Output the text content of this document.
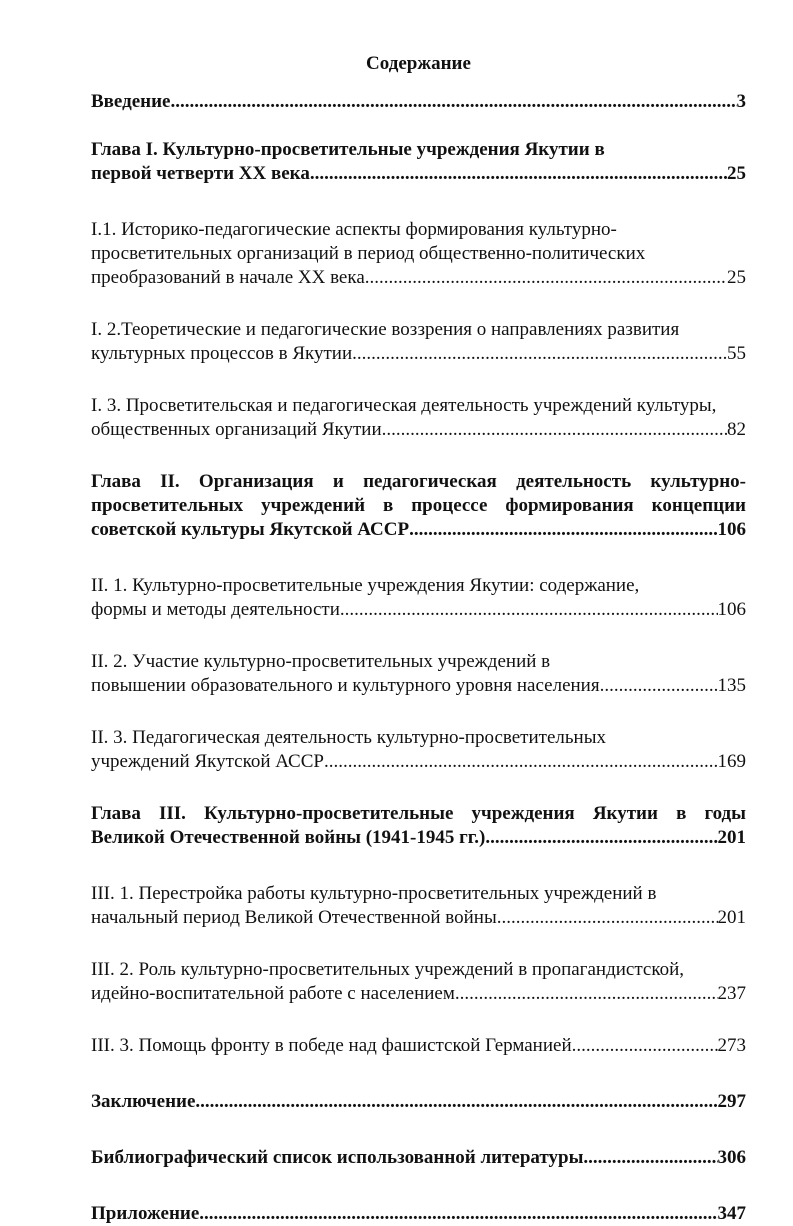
Содержание
Введение .....	3
Глава I. Культурно-просветительные учреждения Якутии в
первой четверти XX века .....	25
I.1. Историко-педагогические аспекты формирования культурно-
просветительных организаций в период общественно-политических
преобразований в начале XX века .....	25
I. 2.Теоретические и педагогические воззрения о направлениях развития
культурных процессов в Якутии .....	55
I. 3. Просветительская и педагогическая деятельность учреждений культуры,
общественных организаций Якутии .....	82
Глава II. Организация и педагогическая деятельность культурно-
просветительных учреждений в процессе формирования концепции
советской культуры Якутской АССР .....	106
II. 1. Культурно-просветительные учреждения Якутии: содержание,
формы и методы деятельности .....	106
II. 2. Участие культурно-просветительных учреждений в
повышении образовательного и культурного уровня населения .....	135
II. 3. Педагогическая деятельность культурно-просветительных
учреждений Якутской АССР .....	169
Глава III. Культурно-просветительные учреждения Якутии в годы
Великой Отечественной войны (1941-1945 гг.) .....	201
III. 1. Перестройка работы культурно-просветительных учреждений в
начальный период Великой Отечественной войны .....	201
III. 2. Роль культурно-просветительных учреждений в пропагандистской,
идейно-воспитательной работе с населением .....	237
III. 3. Помощь фронту в победе над фашистской Германией .....	273
Заключение .....	297
Библиографический список использованной литературы .....	306
Приложение .....	347
